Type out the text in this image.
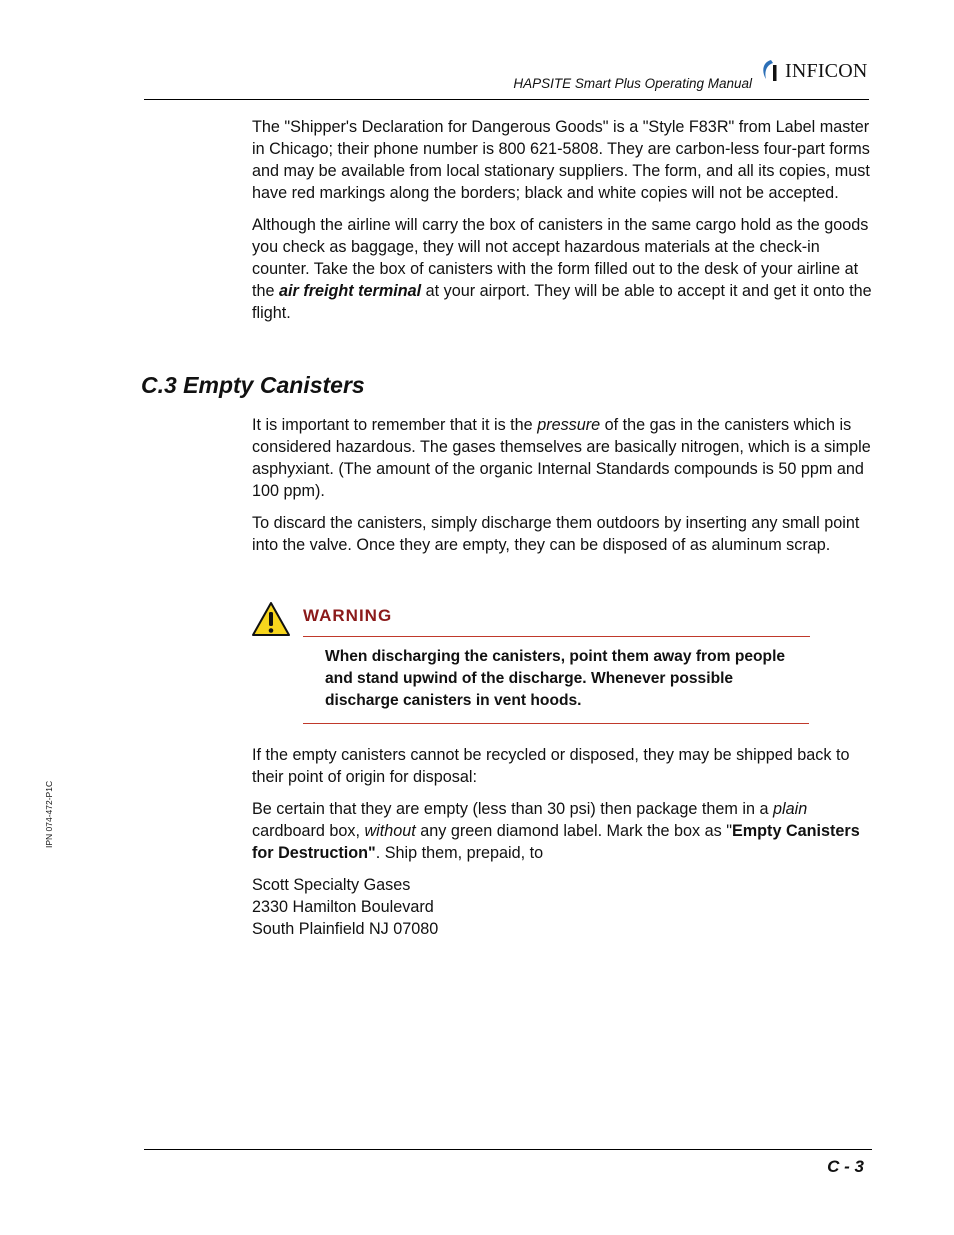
HAPSITE Smart Plus Operating Manual
INFICON

The "Shipper's Declaration for Dangerous Goods" is a "Style F83R" from Label master in Chicago; their phone number is 800 621-5808. They are carbon-less four-part forms and may be available from local stationary suppliers. The form, and all its copies, must have red markings along the borders; black and white copies will not be accepted.

Although the airline will carry the box of canisters in the same cargo hold as the goods you check as baggage, they will not accept hazardous materials at the check-in counter. Take the box of canisters with the form filled out to the desk of your airline at the air freight terminal at your airport. They will be able to accept it and get it onto the flight.

C.3 Empty Canisters

It is important to remember that it is the pressure of the gas in the canisters which is considered hazardous. The gases themselves are basically nitrogen, which is a simple asphyxiant. (The amount of the organic Internal Standards compounds is 50 ppm and 100 ppm).

To discard the canisters, simply discharge them outdoors by inserting any small point into the valve. Once they are empty, they can be disposed of as aluminum scrap.

WARNING
When discharging the canisters, point them away from people and stand upwind of the discharge. Whenever possible discharge canisters in vent hoods.

If the empty canisters cannot be recycled or disposed, they may be shipped back to their point of origin for disposal:

Be certain that they are empty (less than 30 psi) then package them in a plain cardboard box, without any green diamond label. Mark the box as "Empty Canisters for Destruction". Ship them, prepaid, to

Scott Specialty Gases
2330 Hamilton Boulevard
South Plainfield NJ 07080
IPN 074-472-P1C
C - 3
